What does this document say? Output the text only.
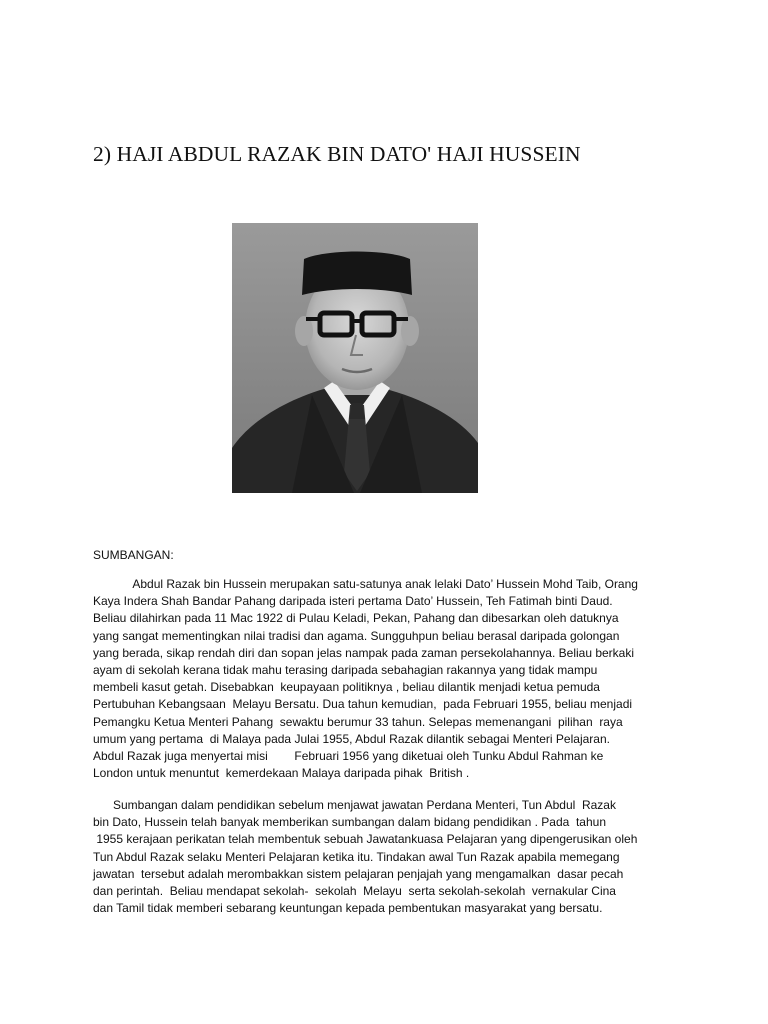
2) HAJI ABDUL RAZAK BIN DATO' HAJI HUSSEIN
SUMBANGAN:
Abdul Razak bin Hussein merupakan satu-satunya anak lelaki Dato’ Hussein Mohd Taib, Orang
Kaya Indera Shah Bandar Pahang daripada isteri pertama Dato’ Hussein, Teh Fatimah binti Daud.
Beliau dilahirkan pada 11 Mac 1922 di Pulau Keladi, Pekan, Pahang dan dibesarkan oleh datuknya
yang sangat mementingkan nilai tradisi dan agama. Sungguhpun beliau berasal daripada golongan
yang berada, sikap rendah diri dan sopan jelas nampak pada zaman persekolahannya. Beliau berkaki
ayam di sekolah kerana tidak mahu terasing daripada sebahagian rakannya yang tidak mampu
membeli kasut getah. Disebabkan  keupayaan politiknya , beliau dilantik menjadi ketua pemuda
Pertubuhan Kebangsaan  Melayu Bersatu. Dua tahun kemudian,  pada Februari 1955, beliau menjadi
Pemangku Ketua Menteri Pahang  sewaktu berumur 33 tahun. Selepas memenangani  pilihan  raya
umum yang pertama  di Malaya pada Julai 1955, Abdul Razak dilantik sebagai Menteri Pelajaran.
Abdul Razak juga menyertai misi        Februari 1956 yang diketuai oleh Tunku Abdul Rahman ke
London untuk menuntut  kemerdekaan Malaya daripada pihak  British .
Sumbangan dalam pendidikan sebelum menjawat jawatan Perdana Menteri, Tun Abdul  Razak
bin Dato, Hussein telah banyak memberikan sumbangan dalam bidang pendidikan . Pada  tahun
1955 kerajaan perikatan telah membentuk sebuah Jawatankuasa Pelajaran yang dipengerusikan oleh
Tun Abdul Razak selaku Menteri Pelajaran ketika itu. Tindakan awal Tun Razak apabila memegang
jawatan  tersebut adalah merombakkan sistem pelajaran penjajah yang mengamalkan  dasar pecah
dan perintah.  Beliau mendapat sekolah-  sekolah  Melayu  serta sekolah-sekolah  vernakular Cina
dan Tamil tidak memberi sebarang keuntungan kepada pembentukan masyarakat yang bersatu.
